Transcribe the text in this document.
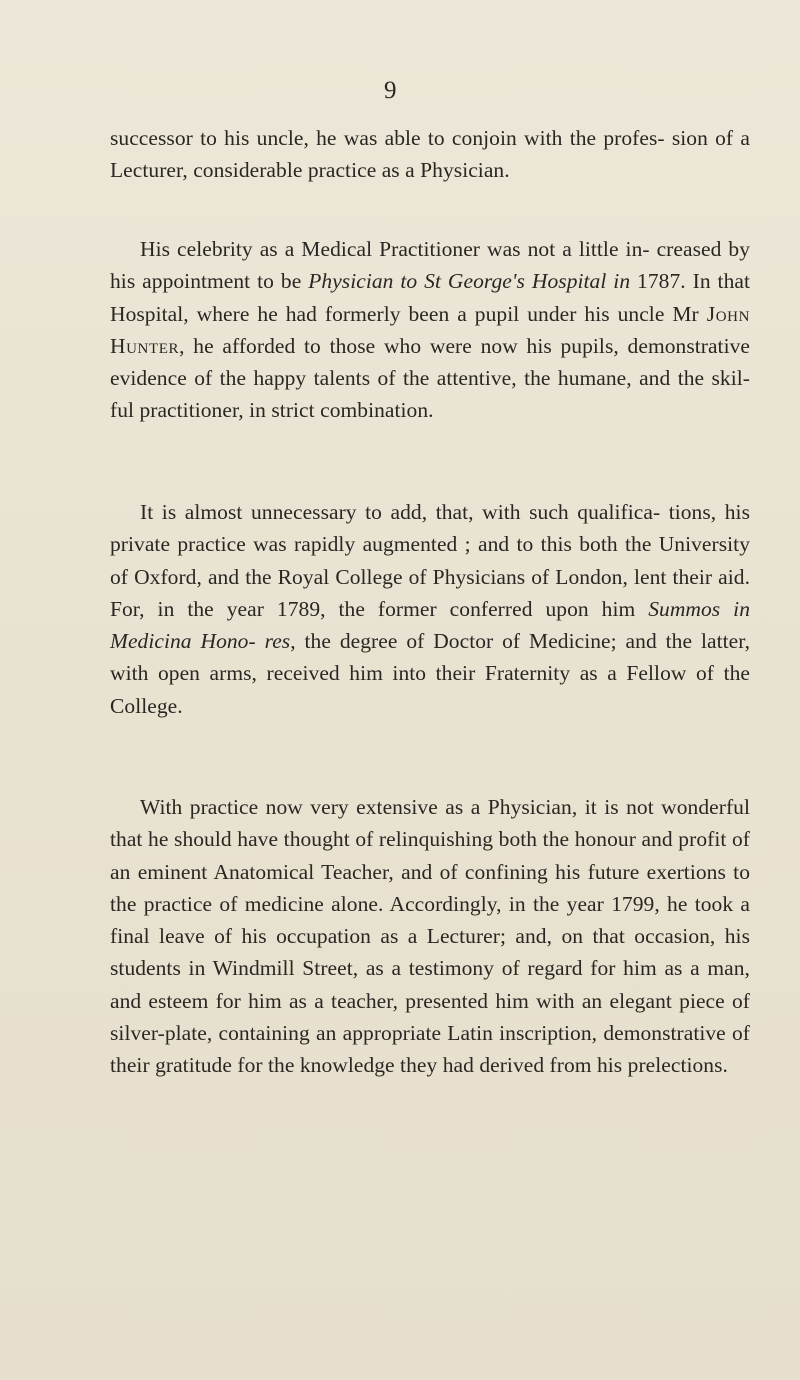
9

successor to his uncle, he was able to conjoin with the profes- sion of a Lecturer, considerable practice as a Physician.

His celebrity as a Medical Practitioner was not a little in- creased by his appointment to be Physician to St George's Hospital in 1787. In that Hospital, where he had formerly been a pupil under his uncle Mr John Hunter, he afforded to those who were now his pupils, demonstrative evidence of the happy talents of the attentive, the humane, and the skil- ful practitioner, in strict combination.

It is almost unnecessary to add, that, with such qualifica- tions, his private practice was rapidly augmented ; and to this both the University of Oxford, and the Royal College of Physicians of London, lent their aid. For, in the year 1789, the former conferred upon him Summos in Medicina Hono- res, the degree of Doctor of Medicine; and the latter, with open arms, received him into their Fraternity as a Fellow of the College.

With practice now very extensive as a Physician, it is not wonderful that he should have thought of relinquishing both the honour and profit of an eminent Anatomical Teacher, and of confining his future exertions to the practice of medicine alone. Accordingly, in the year 1799, he took a final leave of his occupation as a Lecturer; and, on that occasion, his students in Windmill Street, as a testimony of regard for him as a man, and esteem for him as a teacher, presented him with an elegant piece of silver-plate, containing an appropriate Latin inscription, demonstrative of their gratitude for the knowledge they had derived from his prelections.
